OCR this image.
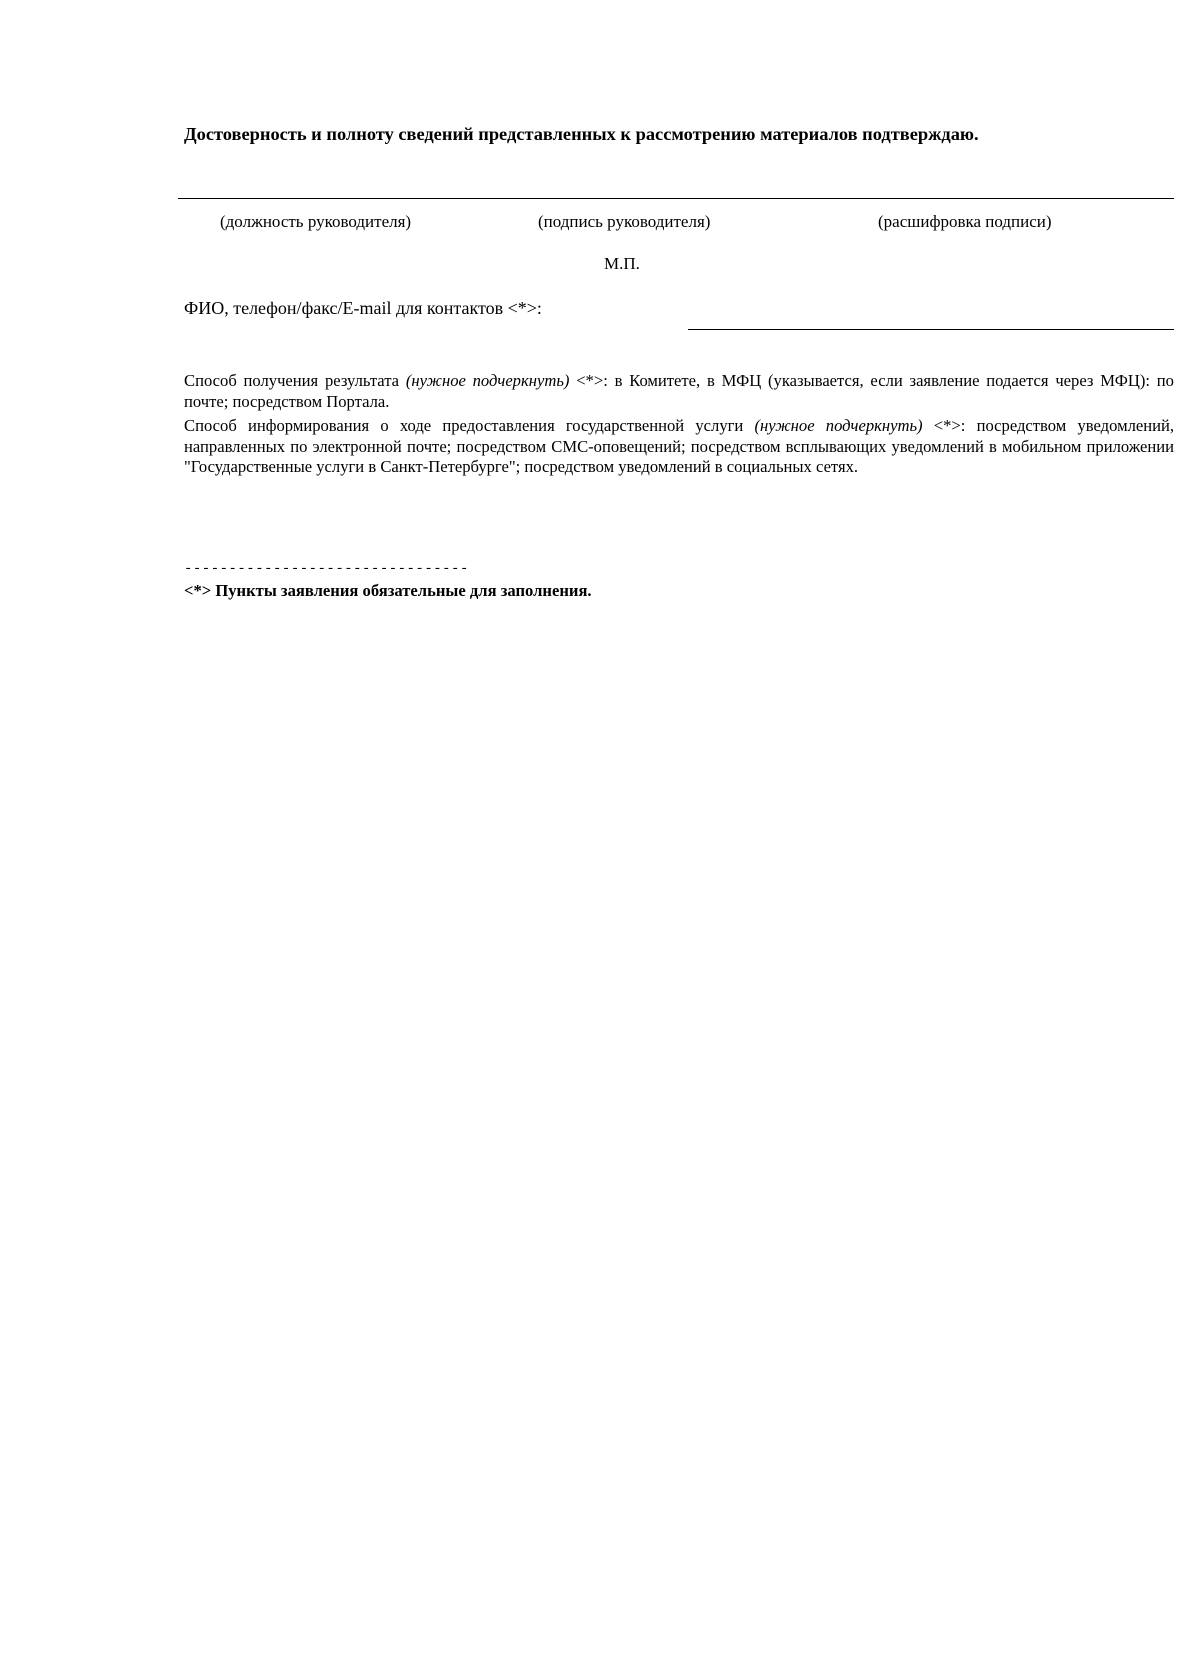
Достоверность и полноту сведений представленных к рассмотрению материалов подтверждаю.
(должность руководителя)	(подпись руководителя)	(расшифровка подписи)
М.П.
ФИО, телефон/факс/E-mail для контактов <*>:
Способ получения результата (нужное подчеркнуть) <*>: в Комитете, в МФЦ (указывается, если заявление подается через МФЦ): по почте; посредством Портала.
Способ информирования о ходе предоставления государственной услуги (нужное подчеркнуть) <*>: посредством уведомлений, направленных по электронной почте; посредством СМС-оповещений; посредством всплывающих уведомлений в мобильном приложении "Государственные услуги в Санкт-Петербурге"; посредством уведомлений в социальных сетях.
--------------------------------
<*> Пункты заявления обязательные для заполнения.
